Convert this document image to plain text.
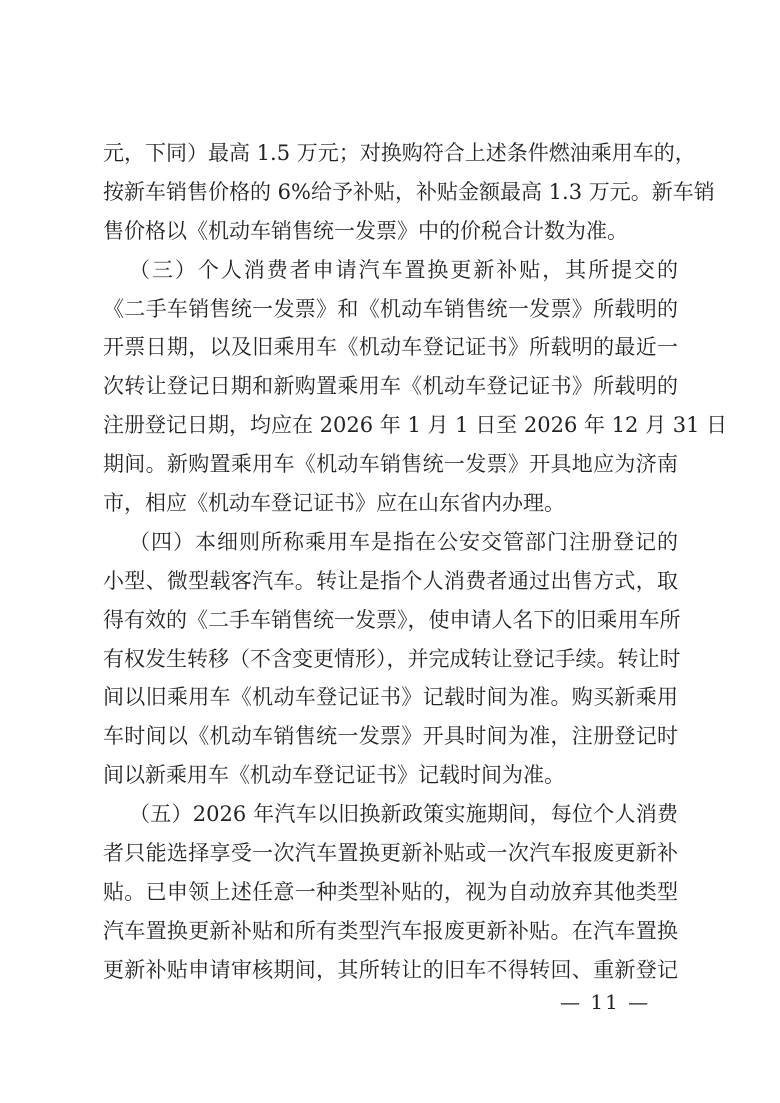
元，下同）最高 1.5 万元；对换购符合上述条件燃油乘用车的，
按新车销售价格的 6%给予补贴，补贴金额最高 1.3 万元。新车销
售价格以《机动车销售统一发票》中的价税合计数为准。
（三）个人消费者申请汽车置换更新补贴，其所提交的
《二手车销售统一发票》和《机动车销售统一发票》所载明的
开票日期，以及旧乘用车《机动车登记证书》所载明的最近一
次转让登记日期和新购置乘用车《机动车登记证书》所载明的
注册登记日期，均应在 2026 年 1 月 1 日至 2026 年 12 月 31 日
期间。新购置乘用车《机动车销售统一发票》开具地应为济南
市，相应《机动车登记证书》应在山东省内办理。
（四）本细则所称乘用车是指在公安交管部门注册登记的
小型、微型载客汽车。转让是指个人消费者通过出售方式，取
得有效的《二手车销售统一发票》，使申请人名下的旧乘用车所
有权发生转移（不含变更情形），并完成转让登记手续。转让时
间以旧乘用车《机动车登记证书》记载时间为准。购买新乘用
车时间以《机动车销售统一发票》开具时间为准，注册登记时
间以新乘用车《机动车登记证书》记载时间为准。
（五）2026 年汽车以旧换新政策实施期间，每位个人消费
者只能选择享受一次汽车置换更新补贴或一次汽车报废更新补
贴。已申领上述任意一种类型补贴的，视为自动放弃其他类型
汽车置换更新补贴和所有类型汽车报废更新补贴。在汽车置换
更新补贴申请审核期间，其所转让的旧车不得转回、重新登记
— 11 —
